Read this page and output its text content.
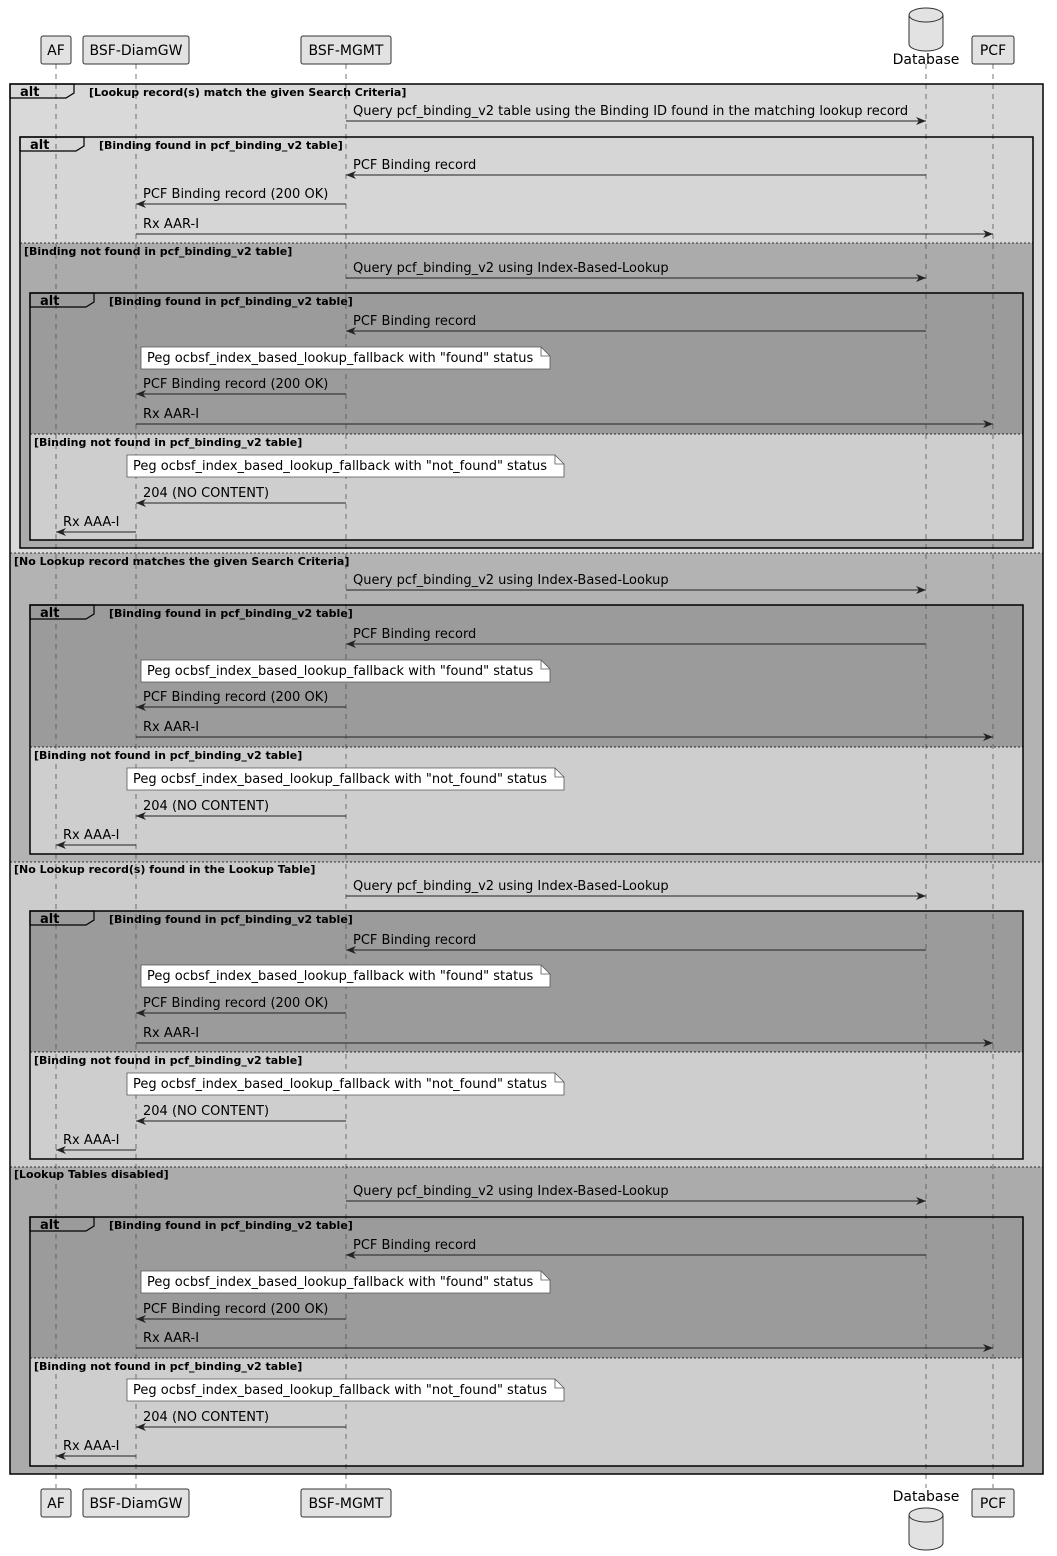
alt
alt
alt
alt
alt
alt
[Lookup record(s) match the given Search Criteria]
[No Lookup record matches the given Search Criteria]
[No Lookup record(s) found in the Lookup Table]
[Lookup Tables disabled]
[Binding found in pcf_binding_v2 table]
[Binding not found in pcf_binding_v2 table]
[Binding found in pcf_binding_v2 table]
[Binding not found in pcf_binding_v2 table]
[Binding found in pcf_binding_v2 table]
[Binding not found in pcf_binding_v2 table]
[Binding found in pcf_binding_v2 table]
[Binding not found in pcf_binding_v2 table]
[Binding found in pcf_binding_v2 table]
[Binding not found in pcf_binding_v2 table]
AF
AF
BSF-DiamGW
BSF-DiamGW
BSF-MGMT
BSF-MGMT
Database
Database
PCF
PCF
Query pcf_binding_v2 table using the Binding ID found in the matching lookup record
PCF Binding record
PCF Binding record (200 OK)
Rx AAR-I
Query pcf_binding_v2 using Index-Based-Lookup
PCF Binding record
PCF Binding record (200 OK)
Rx AAR-I
204 (NO CONTENT)
Rx AAA-I
Query pcf_binding_v2 using Index-Based-Lookup
PCF Binding record
PCF Binding record (200 OK)
Rx AAR-I
204 (NO CONTENT)
Rx AAA-I
Query pcf_binding_v2 using Index-Based-Lookup
PCF Binding record
PCF Binding record (200 OK)
Rx AAR-I
204 (NO CONTENT)
Rx AAA-I
Query pcf_binding_v2 using Index-Based-Lookup
PCF Binding record
PCF Binding record (200 OK)
Rx AAR-I
204 (NO CONTENT)
Rx AAA-I
Peg ocbsf_index_based_lookup_fallback with "found" status
Peg ocbsf_index_based_lookup_fallback with "not_found" status
Peg ocbsf_index_based_lookup_fallback with "found" status
Peg ocbsf_index_based_lookup_fallback with "not_found" status
Peg ocbsf_index_based_lookup_fallback with "found" status
Peg ocbsf_index_based_lookup_fallback with "not_found" status
Peg ocbsf_index_based_lookup_fallback with "found" status
Peg ocbsf_index_based_lookup_fallback with "not_found" status
